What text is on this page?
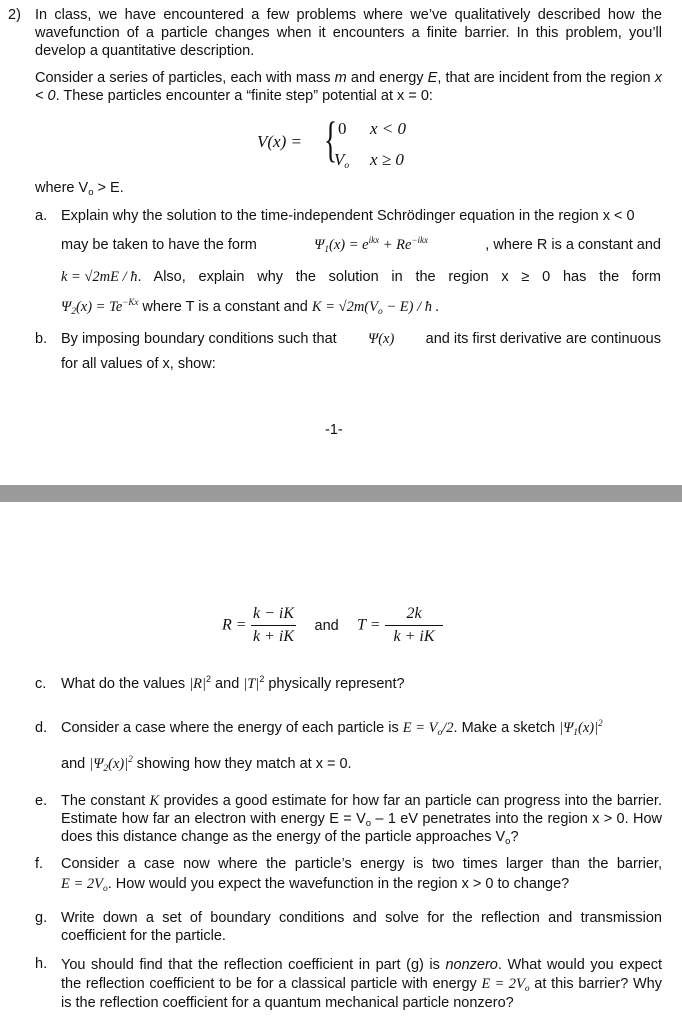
2) In class, we have encountered a few problems where we’ve qualitatively described how the wavefunction of a particle changes when it encounters a finite barrier. In this problem, you’ll develop a quantitative description.
Consider a series of particles, each with mass m and energy E, that are incident from the region x < 0. These particles encounter a “finite step” potential at x = 0:
V(x) = { 0 x < 0
Vo x ≥ 0
where $V_o > E$.
a. Explain why the solution to the time-independent Schrödinger equation in the region x < 0
may be taken to have the form	$\Psi_1(x) = e^{ikx} + Re^{-ikx}$	, where R is a constant and
k = √2mE / ħ . Also, explain why the solution in the region x ≥ 0 has the form
$\Psi_2(x) = Te^{-Kx}$ where T is a constant and $K = √2m(V_o - E)$ / ħ .
b. By imposing boundary conditions such that Ψ(x) and its first derivative are continuous
for all values of x, show:
-1-
$R = \frac{k - iK}{k + iK}$ and $T = \frac{2k}{k + iK}$
c. What do the values $|R|^2$ and $|T|^2$ physically represent?
d. Consider a case where the energy of each particle is $E = V_o/2$. Make a sketch $|\Psi_1(x)|^2$
and $|\Psi_2(x)|^2$ showing how they match at x = 0.
e. The constant K provides a good estimate for how far an particle can progress into the barrier. Estimate how far an electron with energy $E = V_o - 1$ eV penetrates into the region x > 0. How does this distance change as the energy of the particle approaches $V_o$?
f. Consider a case now where the particle’s energy is two times larger than the barrier,
$E = 2V_o$. How would you expect the wavefunction in the region x > 0 to change?
g. Write down a set of boundary conditions and solve for the reflection and transmission coefficient for the particle.
h. You should find that the reflection coefficient in part (g) is nonzero. What would you expect the reflection coefficient to be for a classical particle with energy $E = 2V_o$ at this barrier? Why is the reflection coefficient for a quantum mechanical particle nonzero?
